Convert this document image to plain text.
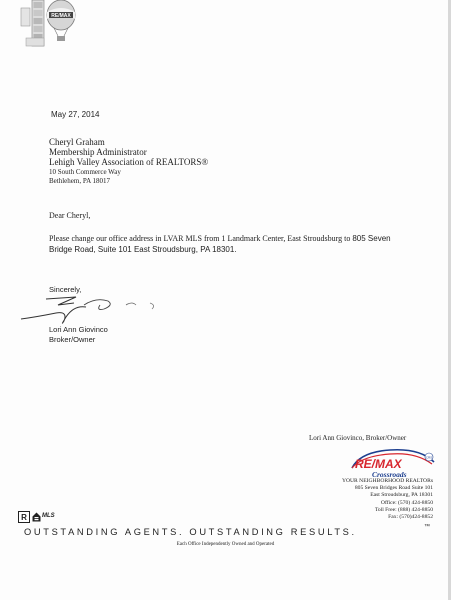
RE/MAX
May 27, 2014
Cheryl Graham
Membership Administrator
Lehigh Valley Association of REALTORS®
10 South Commerce Way
Bethlehem, PA 18017
Dear Cheryl,
Please change our office address in LVAR MLS from 1 Landmark Center, East Stroudsburg to 805 Seven
Bridge Road, Suite 101 East Stroudsburg, PA 18301.
Sincerely,
Lori Ann Giovinco
Broker/Owner
Lori Ann Giovinco, Broker/Owner
CRS
RE/MAX
Crossroads
YOUR NEIGHBORHOOD REALTORs
805 Seven Bridges Road Suite 101
East Stroudsburg, PA 18301
Office: (570) 424-8850
Toll Free: (888) 424-8850
Fax: (570)424-8852
R	MLS
OUTSTANDING AGENTS. OUTSTANDING RESULTS.	™
Each Office Independently Owned and Operated
